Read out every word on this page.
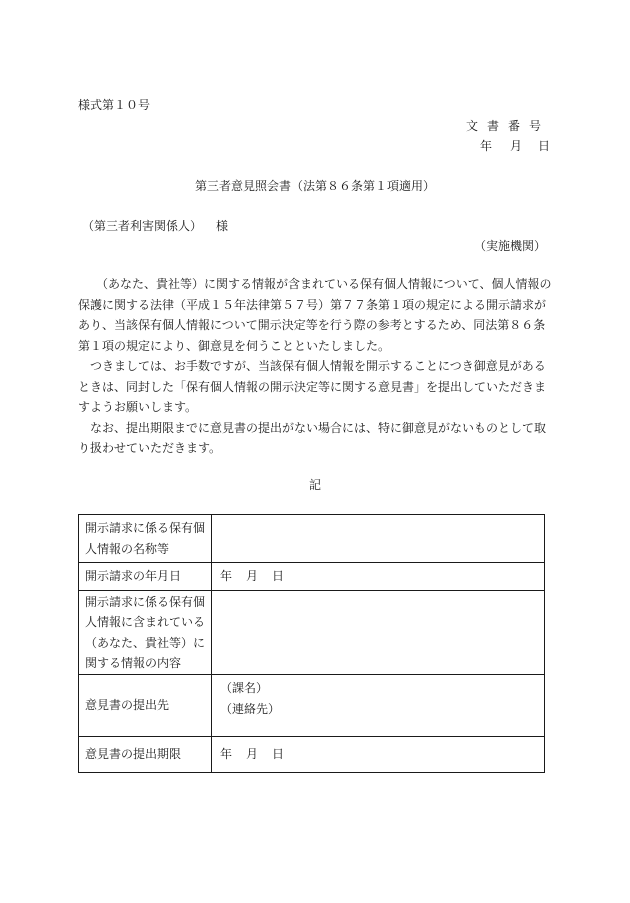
様式第１０号
文書番号
年 月 日
第三者意見照会書（法第８６条第１項適用）
（第三者利害関係人） 様
（実施機関）

（あなた、貴社等）に関する情報が含まれている保有個人情報について、個人情報の保護に関する法律（平成１５年法律第５７号）第７７条第１項の規定による開示請求があり、当該保有個人情報について開示決定等を行う際の参考とするため、同法第８６条第１項の規定により、御意見を伺うことといたしました。

つきましては、お手数ですが、当該保有個人情報を開示することにつき御意見があるときは、同封した「保有個人情報の開示決定等に関する意見書」を提出していただきますようお願いします。

なお、提出期限までに意見書の提出がない場合には、特に御意見がないものとして取り扱わせていただきます。

記
開示請求に係る保有個人情報の名称等	
開示請求の年月日	年 月 日
開示請求に係る保有個人情報に含まれている（あなた、貴社等）に関する情報の内容	
意見書の提出先	（課名）
（連絡先）

意見書の提出期限	年 月 日
